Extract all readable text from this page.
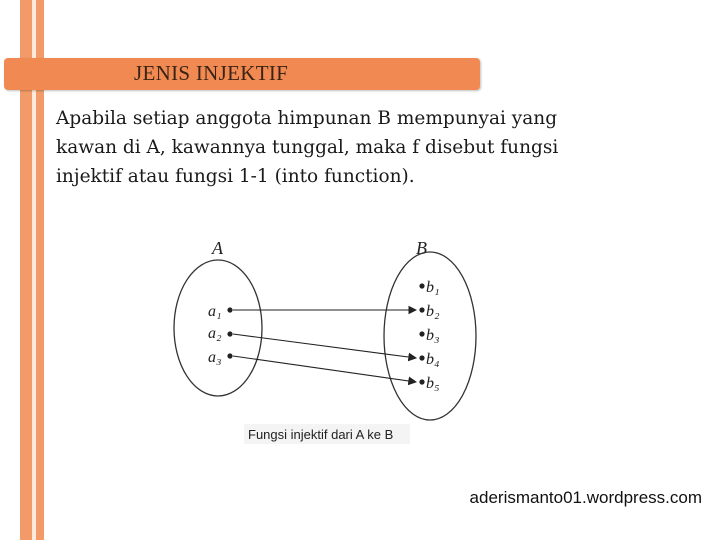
JENIS INJEKTIF
Apabila setiap anggota himpunan B mempunyai yang
kawan di A, kawannya tunggal, maka f disebut fungsi
injektif atau fungsi 1-1 (into function).
A	B
a₁
a₂
a₃
b₁
b₂
b₃
b₄
b₅
Fungsi injektif dari A ke B
aderismanto01.wordpress.com
